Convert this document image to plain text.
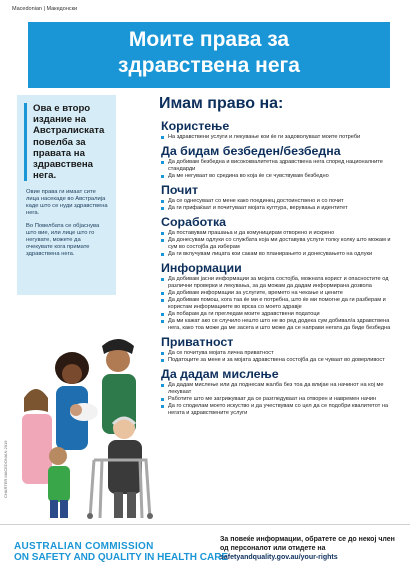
Macedonian | Македонски
Моите права за
здравствена нега
Ова е второ издание на Австралиската повелба за правата на здравствена нега.

Овие права ги имаат сите лица насекаде во Австралија каде што се нуди здравствена нега.

Во Повелбата се објаснува што вие, или лице што го негувате, можете да очекувате кога примате здравствена нега.

CHARTER MACEDONIAN 2019
Имам право на:
Користење
На здравствени услуги и лекување кои ќе ги задоволуваат моите потреби
Да бидам безбеден/безбедна
Да добивам безбедна и висококвалитетна здравствена нега според националните стандарди
Да ме негуваат во средина во која ќе се чувствувам безбедно
Почит
Да се однесуваат со мене како поединец достоинствено и со почит
Да ги прифаќаат и почитуваат мојата култура, верувања и идентитет
Соработка
Да поставувам прашања и да комуницирам отворено и искрено
Да донесувам одлуки со службата која ми доставува услуги толку колку што можам и сум во состојба да изберам
Да ги вклучувам лицата кои сакам во планирањето и донесувањето на одлуки
Информации
Да добивам јасни информации за мојата состојба, можната корист и опасностите од различни проверки и лекувања, за да можам да дадам информирана дозвола
Да добивам информации за услугите, времето на чекање и цените
Да добивам помош, кога таа ќе ми е потребна, што ќе ми помогне да ги разберам и користам информациите во врска со моето здравје
Да побарам да ги прегледам моите здравствени податоци
Да ми кажат ако се случило нешто што не во ред додека сум добивал/а здравствена нега, како тоа може да ме засега и што може да се направи негата да биде безбедна
Приватност
Да се почитува мојата лична приватност
Податоците за мене и за мојата здравствена состојба да се чуваат во доверливост
Да дадам мислење
Да дадам мислење или да поднесам жалба без тоа да влијае на начинот на кој ме лекуваат
Работите што ме загрижуваат да се разгледуваат на отворен и навремен начин
Да го споделам моето искуство и да учествувам со цел да се подобри квалитетот на негата и здравствените услуги
AUSTRALIAN COMMISSION
ON SAFETY AND QUALITY IN HEALTH CARE
За повеќе информации, обратете се до некој член од персоналот или отидете на
safetyandquality.gov.au/your-rights
